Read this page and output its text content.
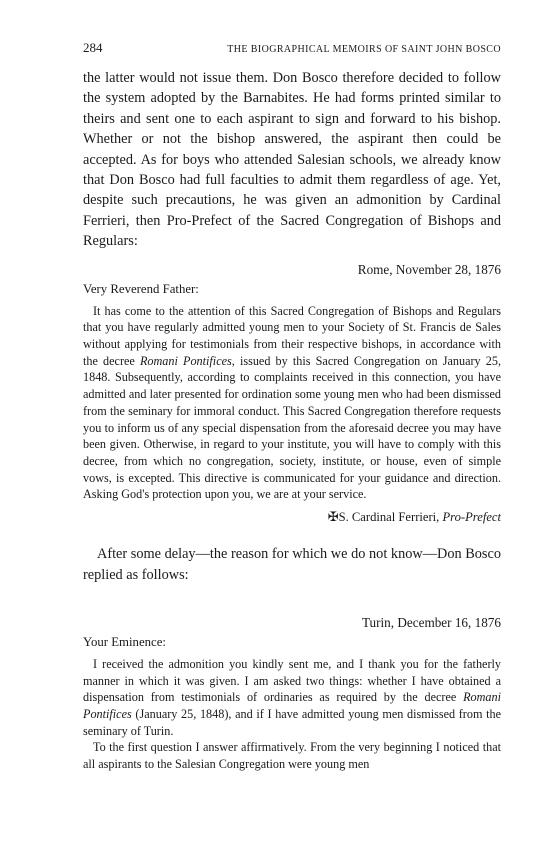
284	THE BIOGRAPHICAL MEMOIRS OF SAINT JOHN BOSCO

the latter would not issue them. Don Bosco therefore decided to follow the system adopted by the Barnabites. He had forms printed similar to theirs and sent one to each aspirant to sign and forward to his bishop. Whether or not the bishop answered, the aspirant then could be accepted. As for boys who attended Salesian schools, we already know that Don Bosco had full faculties to admit them regardless of age. Yet, despite such precautions, he was given an admonition by Cardinal Ferrieri, then Pro-Prefect of the Sacred Congregation of Bishops and Regulars:

Rome, November 28, 1876
Very Reverend Father:

It has come to the attention of this Sacred Congregation of Bishops and Regulars that you have regularly admitted young men to your Society of St. Francis de Sales without applying for testimonials from their respective bishops, in accordance with the decree Romani Pontifices, issued by this Sacred Congregation on January 25, 1848. Subsequently, according to complaints received in this connection, you have admitted and later presented for ordination some young men who had been dismissed from the seminary for immoral conduct. This Sacred Congregation therefore requests you to inform us of any special dispensation from the aforesaid decree you may have been given. Otherwise, in regard to your institute, you will have to comply with this decree, from which no congregation, society, institute, or house, even of simple vows, is excepted. This directive is communicated for your guidance and direction. Asking God's protection upon you, we are at your service.

✠S. Cardinal Ferrieri, Pro-Prefect

After some delay—the reason for which we do not know—Don Bosco replied as follows:

Turin, December 16, 1876
Your Eminence:

I received the admonition you kindly sent me, and I thank you for the fatherly manner in which it was given. I am asked two things: whether I have obtained a dispensation from testimonials of ordinaries as required by the decree Romani Pontifices (January 25, 1848), and if I have admitted young men dismissed from the seminary of Turin.

To the first question I answer affirmatively. From the very beginning I noticed that all aspirants to the Salesian Congregation were young men
